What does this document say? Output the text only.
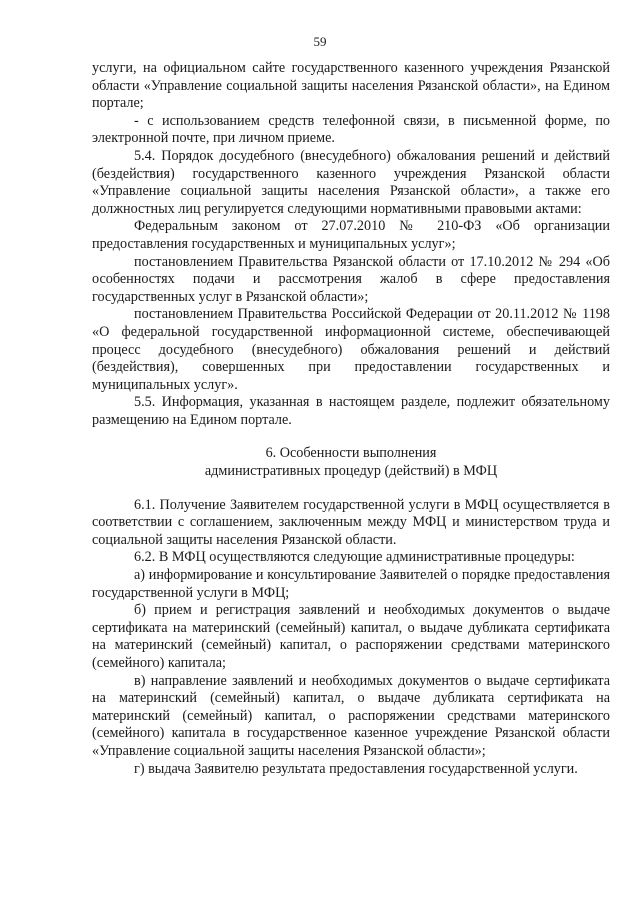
59

услуги, на официальном сайте государственного казенного учреждения Рязанской области «Управление социальной защиты населения Рязанской области», на Едином портале;

- с использованием средств телефонной связи, в письменной форме, по электронной почте, при личном приеме.

5.4. Порядок досудебного (внесудебного) обжалования решений и действий (бездействия) государственного казенного учреждения Рязанской области «Управление социальной защиты населения Рязанской области», а также его должностных лиц регулируется следующими нормативными правовыми актами:

Федеральным законом от 27.07.2010 № 210-ФЗ «Об организации предоставления государственных и муниципальных услуг»;

постановлением Правительства Рязанской области от 17.10.2012 № 294 «Об особенностях подачи и рассмотрения жалоб в сфере предоставления государственных услуг в Рязанской области»;

постановлением Правительства Российской Федерации от 20.11.2012 № 1198 «О федеральной государственной информационной системе, обеспечивающей процесс досудебного (внесудебного) обжалования решений и действий (бездействия), совершенных при предоставлении государственных и муниципальных услуг».

5.5. Информация, указанная в настоящем разделе, подлежит обязательному размещению на Едином портале.

6. Особенности выполнения

административных процедур (действий) в МФЦ

6.1. Получение Заявителем государственной услуги в МФЦ осуществляется в соответствии с соглашением, заключенным между МФЦ и министерством труда и социальной защиты населения Рязанской области.

6.2. В МФЦ осуществляются следующие административные процедуры:

а) информирование и консультирование Заявителей о порядке предоставления государственной услуги в МФЦ;

б) прием и регистрация заявлений и необходимых документов о выдаче сертификата на материнский (семейный) капитал, о выдаче дубликата сертификата на материнский (семейный) капитал, о распоряжении средствами материнского (семейного) капитала;

в) направление заявлений и необходимых документов о выдаче сертификата на материнский (семейный) капитал, о выдаче дубликата сертификата на материнский (семейный) капитал, о распоряжении средствами материнского (семейного) капитала в государственное казенное учреждение Рязанской области «Управление социальной защиты населения Рязанской области»;

г) выдача Заявителю результата предоставления государственной услуги.
